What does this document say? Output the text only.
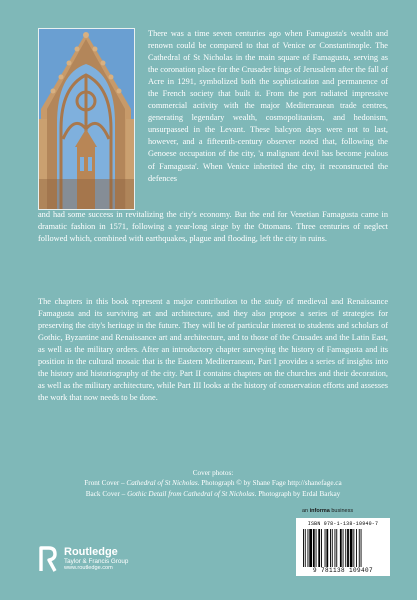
There was a time seven centuries ago when Famagusta's wealth and renown could be compared to that of Venice or Constantinople. The Cathedral of St Nicholas in the main square of Famagusta, serving as the coronation place for the Crusader kings of Jerusalem after the fall of Acre in 1291, symbolized both the sophistication and permanence of the French society that built it. From the port radiated impressive commercial activity with the major Mediterranean trade centres, generating legendary wealth, cosmopolitanism, and hedonism, unsurpassed in the Levant. These halcyon days were not to last, however, and a fifteenth-century observer noted that, following the Genoese occupation of the city, 'a malignant devil has become jealous of Famagusta'. When Venice inherited the city, it reconstructed the defences

and had some success in revitalizing the city's economy. But the end for Venetian Famagusta came in dramatic fashion in 1571, following a year-long siege by the Ottomans. Three centuries of neglect followed which, combined with earthquakes, plague and flooding, left the city in ruins.

The chapters in this book represent a major contribution to the study of medieval and Renaissance Famagusta and its surviving art and architecture, and they also propose a series of strategies for preserving the city's heritage in the future. They will be of particular interest to students and scholars of Gothic, Byzantine and Renaissance art and architecture, and to those of the Crusades and the Latin East, as well as the military orders. After an introductory chapter surveying the history of Famagusta and its position in the cultural mosaic that is the Eastern Mediterranean, Part I provides a series of insights into the history and historiography of the city. Part II contains chapters on the churches and their decoration, as well as the military architecture, while Part III looks at the history of conservation efforts and assesses the work that now needs to be done.

Cover photos:
Front Cover – Cathedral of St Nicholas. Photograph © by Shane Fage http://shanefage.ca
Back Cover – Gothic Detail from Cathedral of St Nicholas. Photograph by Erdal Barkay
an informa business
ISBN 978-1-138-10940-7
9 781138 109407
Routledge
Taylor & Francis Group
www.routledge.com
